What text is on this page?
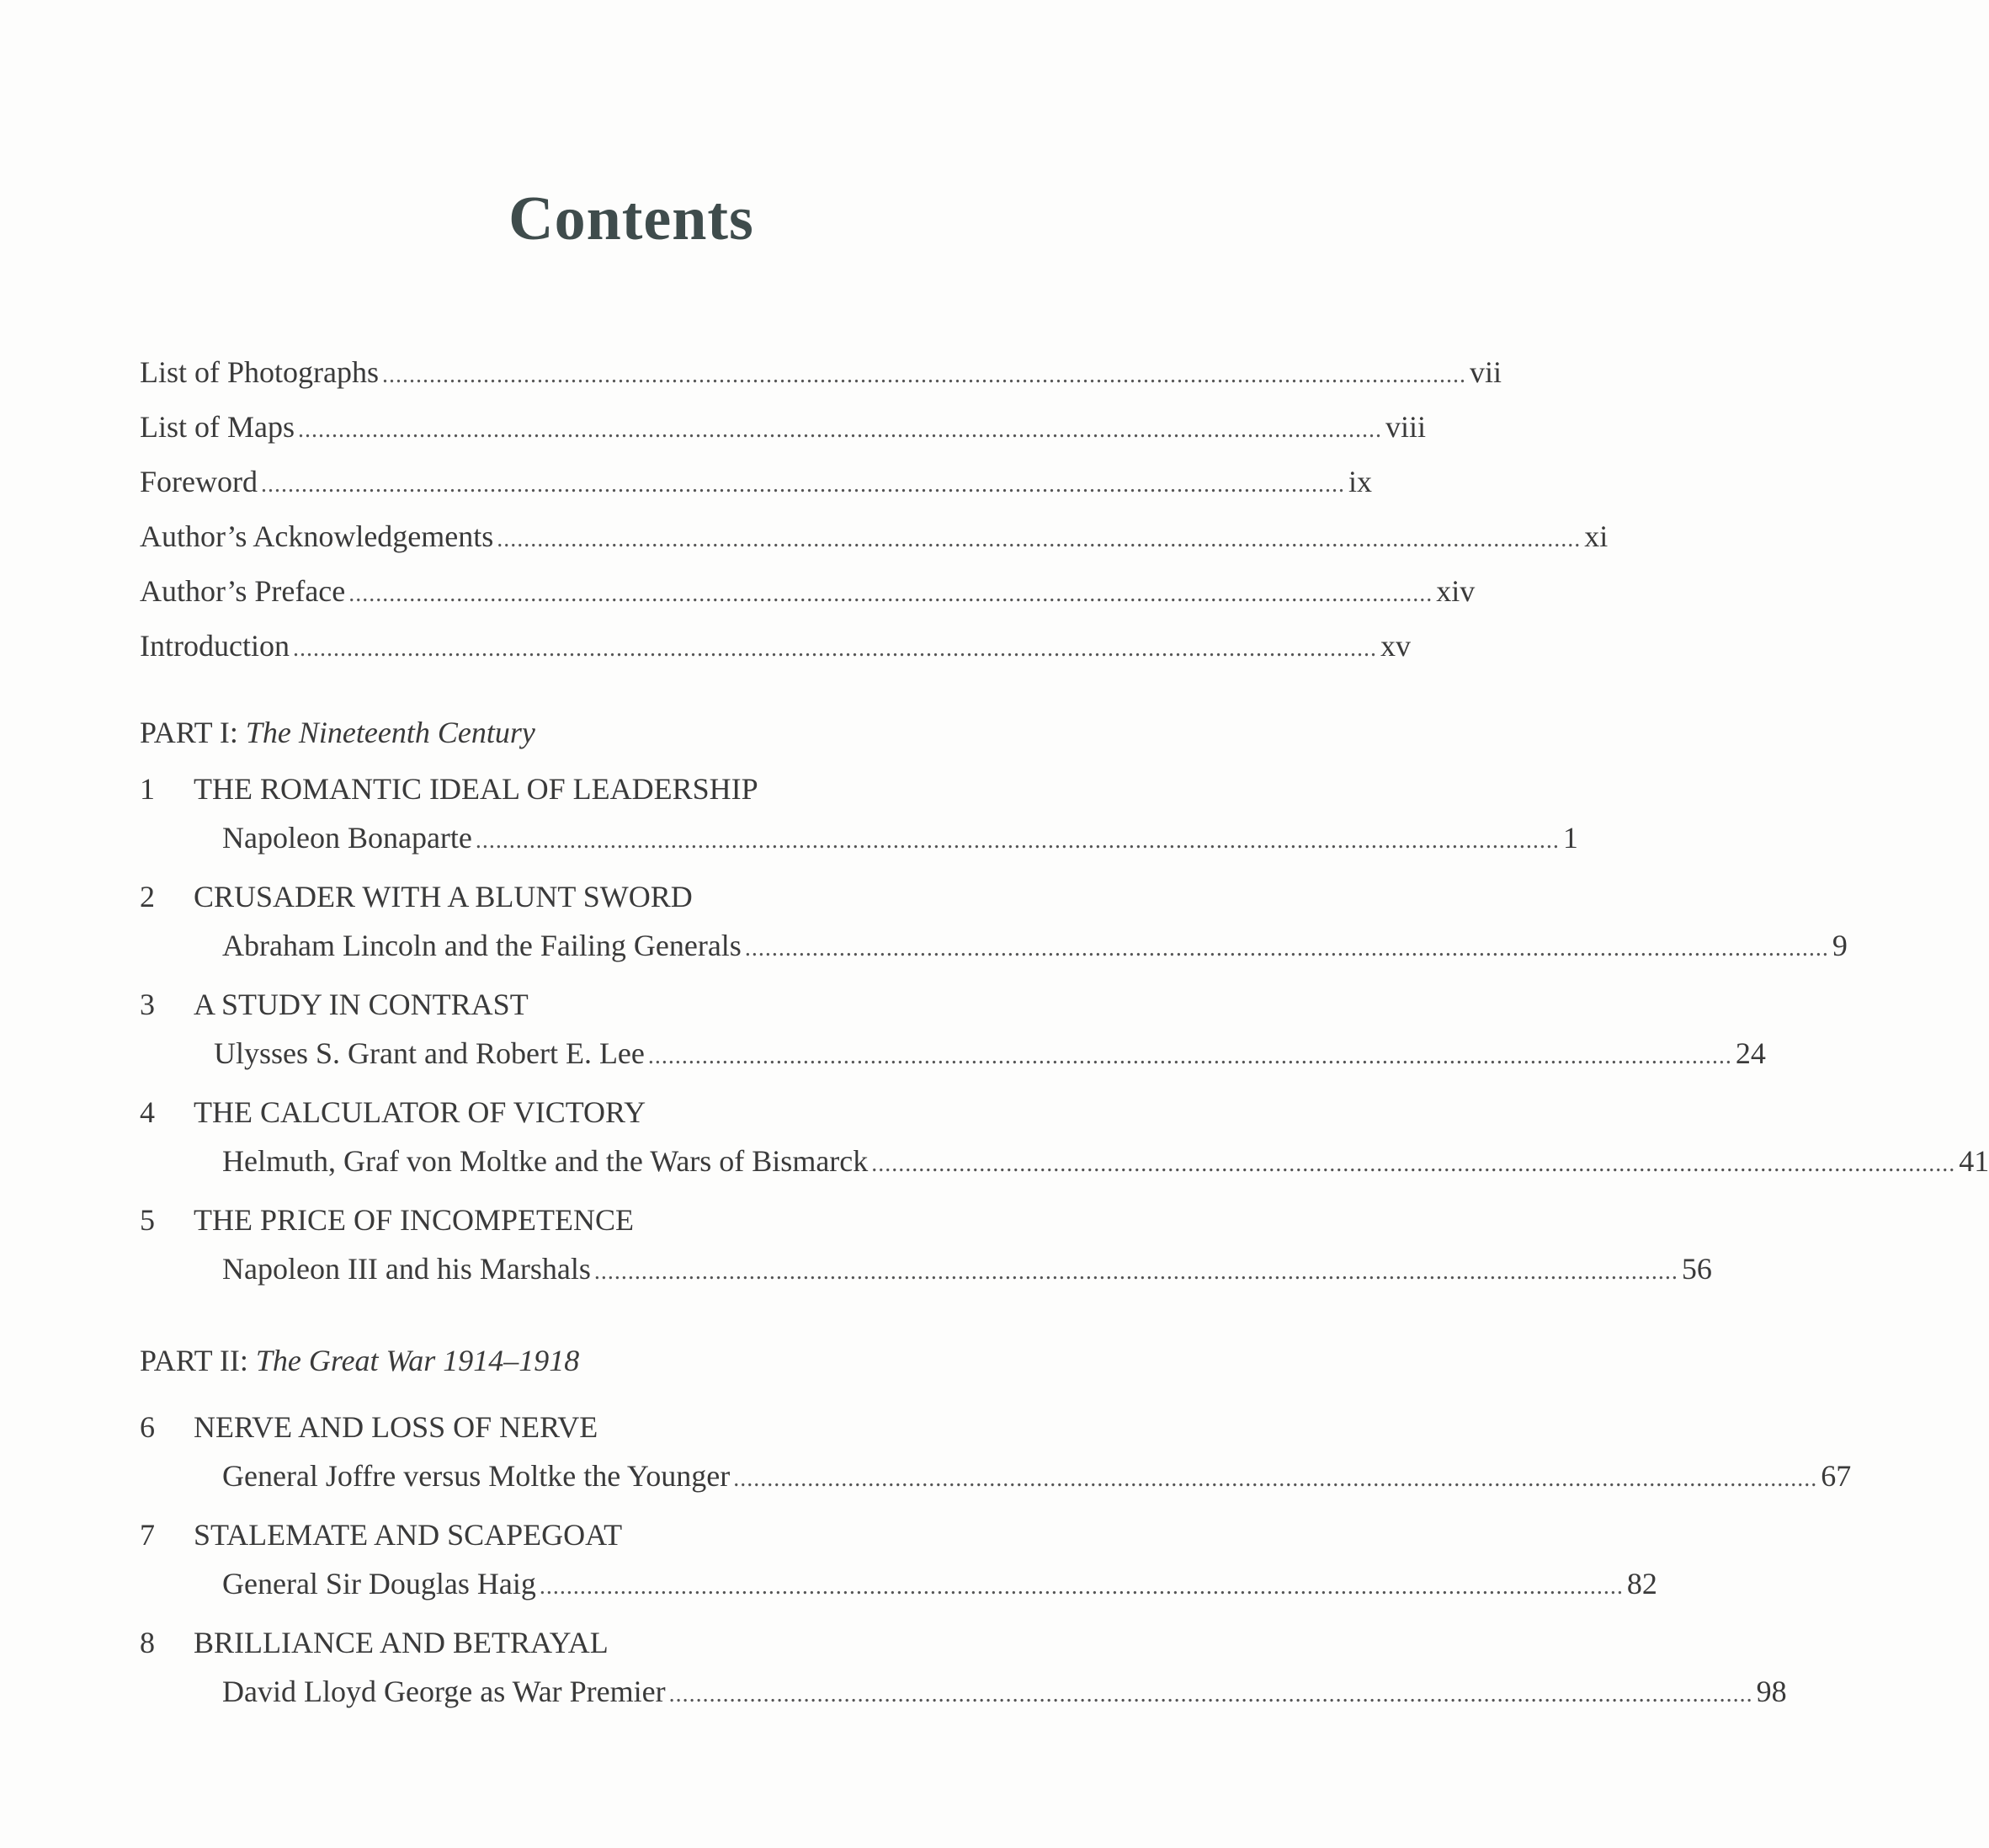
Contents
List of Photographs ................................................................................................................................................................. vii
List of Maps ................................................................................................................................................................. viii
Foreword ................................................................................................................................................................. ix
Author’s Acknowledgements ................................................................................................................................................................. xi
Author’s Preface ................................................................................................................................................................. xiv
Introduction ................................................................................................................................................................. xv
PART I: The Nineteenth Century
1	THE ROMANTIC IDEAL OF LEADERSHIP
Napoleon Bonaparte ................................................................................................................................................................. 1
2	CRUSADER WITH A BLUNT SWORD
Abraham Lincoln and the Failing Generals ................................................................................................................................................................. 9
3	A STUDY IN CONTRAST
Ulysses S. Grant and Robert E. Lee ................................................................................................................................................................. 24
4	THE CALCULATOR OF VICTORY
Helmuth, Graf von Moltke and the Wars of Bismarck ................................................................................................................................................................. 41
5	THE PRICE OF INCOMPETENCE
Napoleon III and his Marshals ................................................................................................................................................................. 56
PART II: The Great War 1914–1918
6	NERVE AND LOSS OF NERVE
General Joffre versus Moltke the Younger ................................................................................................................................................................. 67
7	STALEMATE AND SCAPEGOAT
General Sir Douglas Haig ................................................................................................................................................................. 82
8	BRILLIANCE AND BETRAYAL
David Lloyd George as War Premier ................................................................................................................................................................. 98
